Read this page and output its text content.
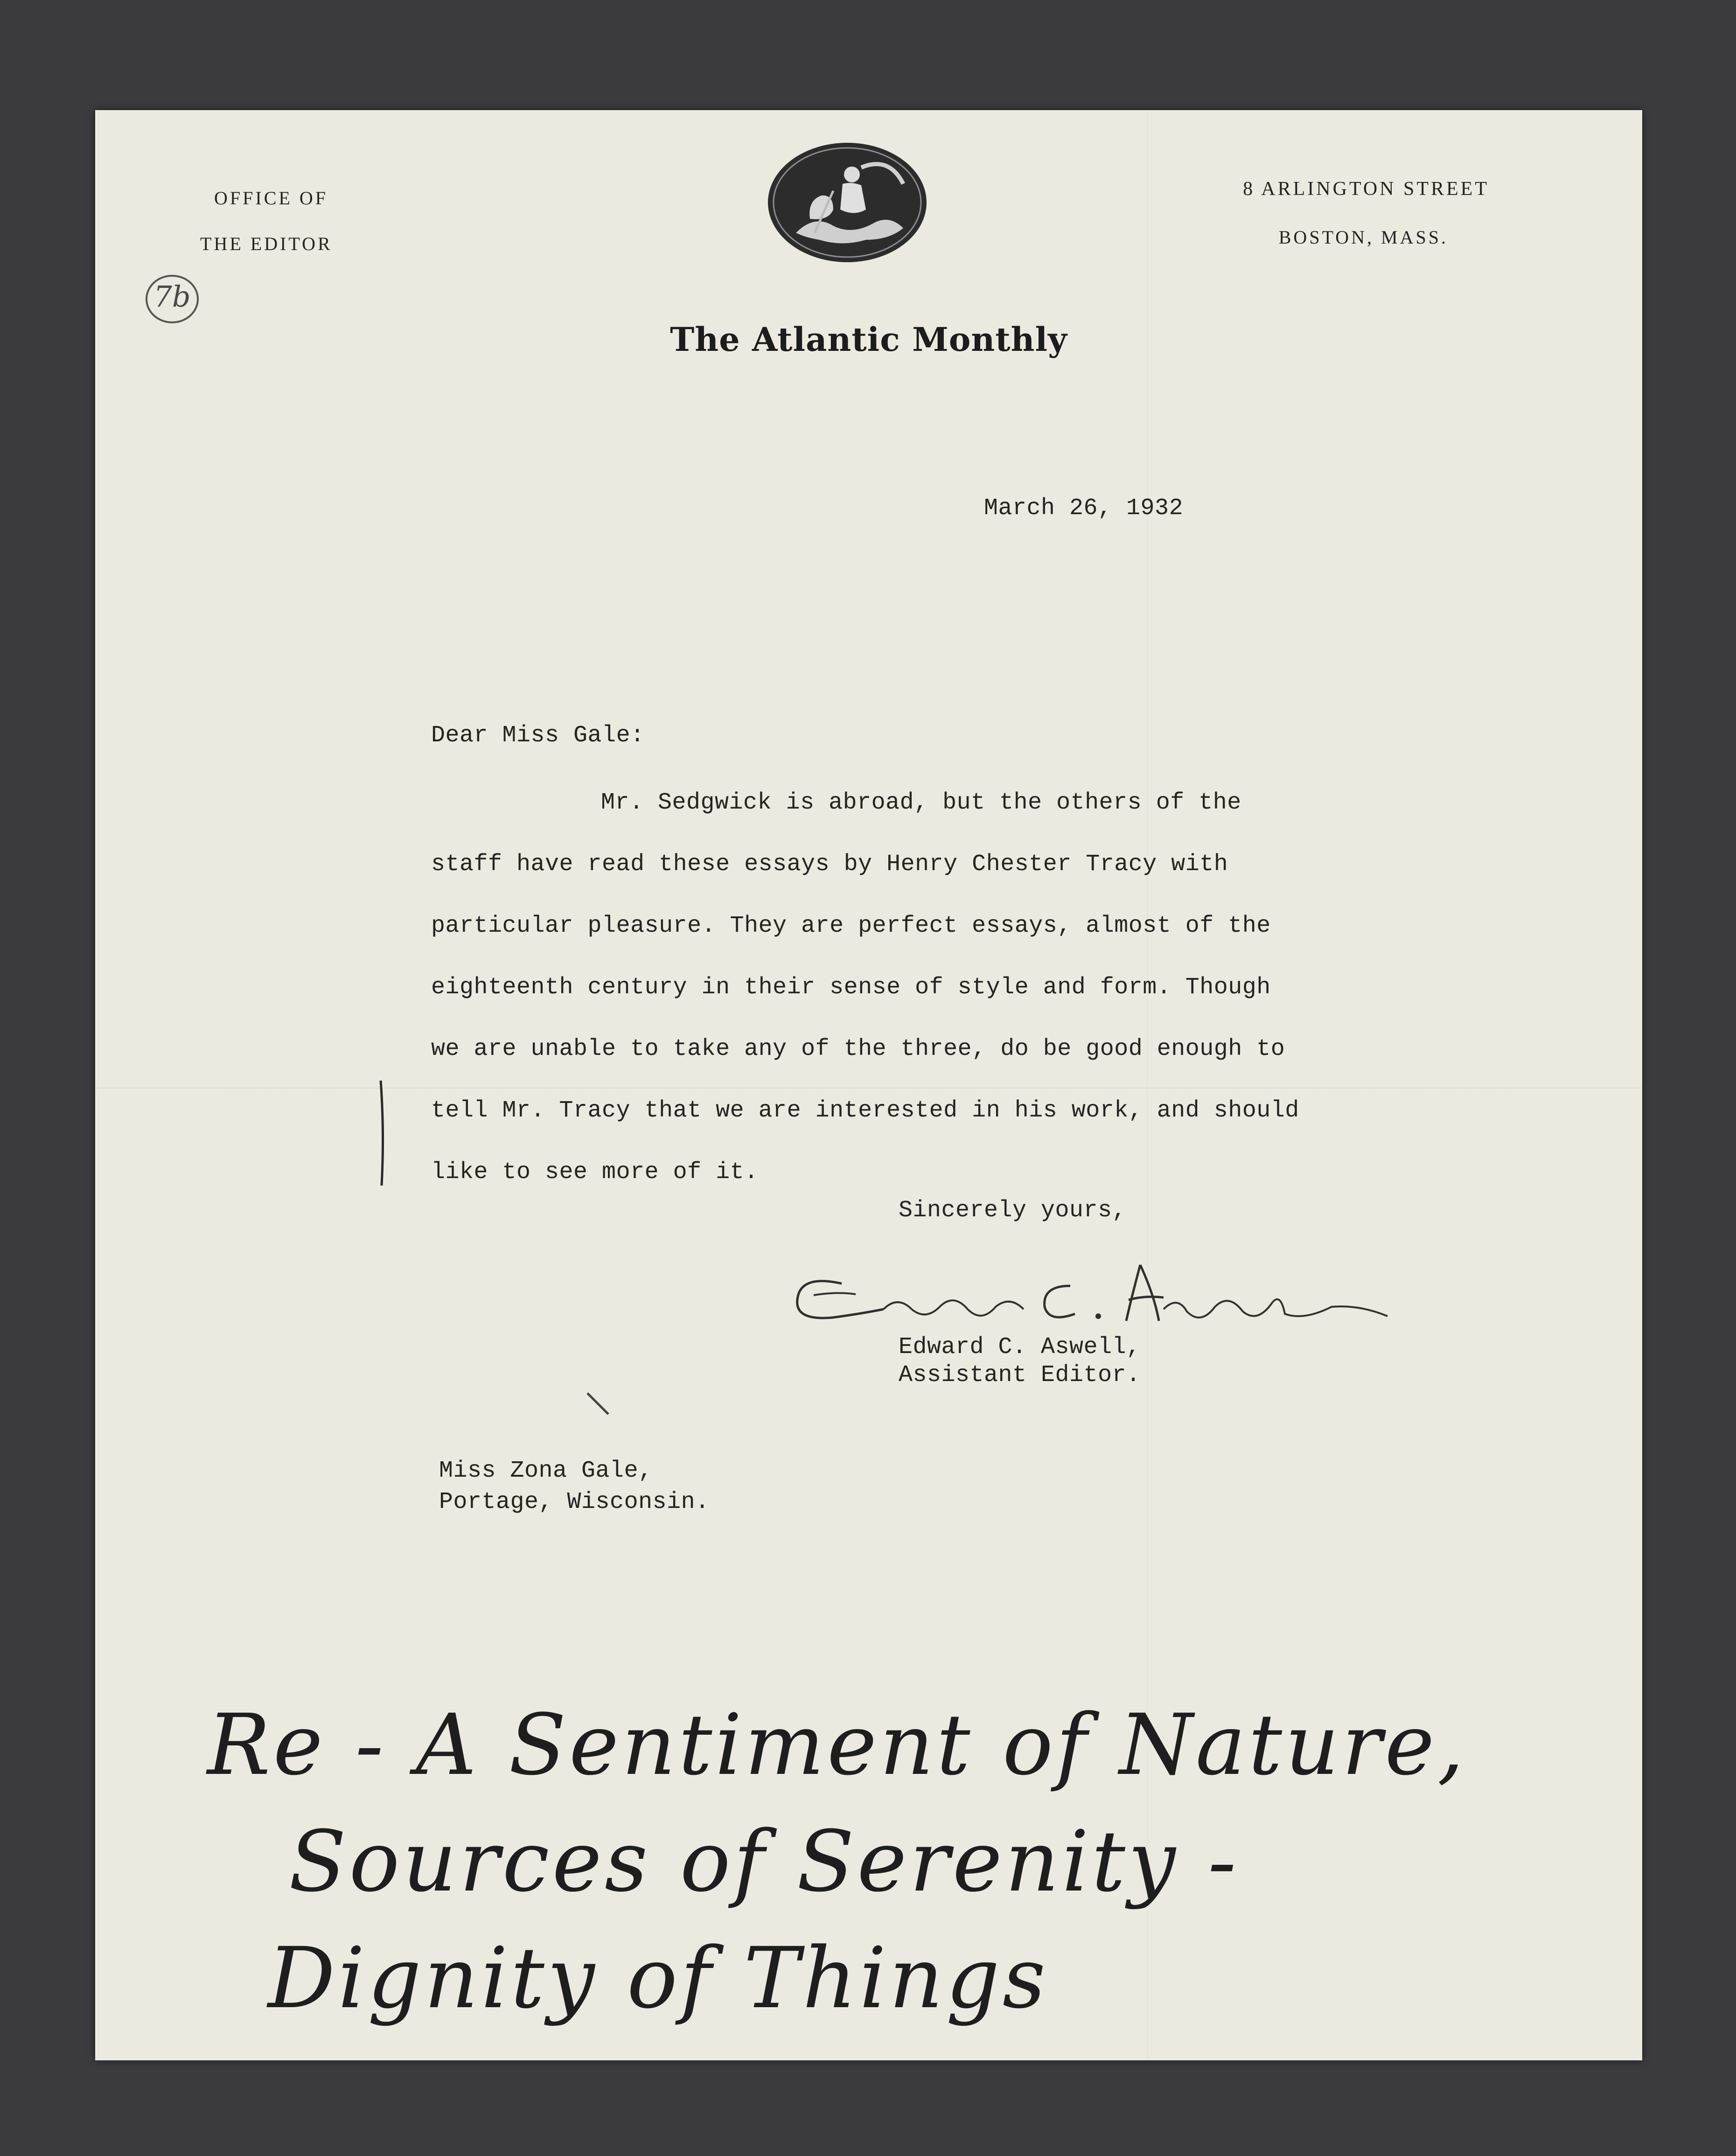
OFFICE OF
THE EDITOR
8 ARLINGTON STREET
BOSTON, MASS.
The Atlantic Monthly
7b
March 26, 1932
Dear Miss Gale:
Mr. Sedgwick is abroad, but the others of the
staff have read these essays by Henry Chester Tracy with
particular pleasure. They are perfect essays, almost of the
eighteenth century in their sense of style and form. Though
we are unable to take any of the three, do be good enough to
tell Mr. Tracy that we are interested in his work, and should
like to see more of it.
Sincerely yours,
Edward C. Aswell,
Assistant Editor.
Miss Zona Gale,
Portage, Wisconsin.
Re - A Sentiment of Nature,
Sources of Serenity -
Dignity of Things
